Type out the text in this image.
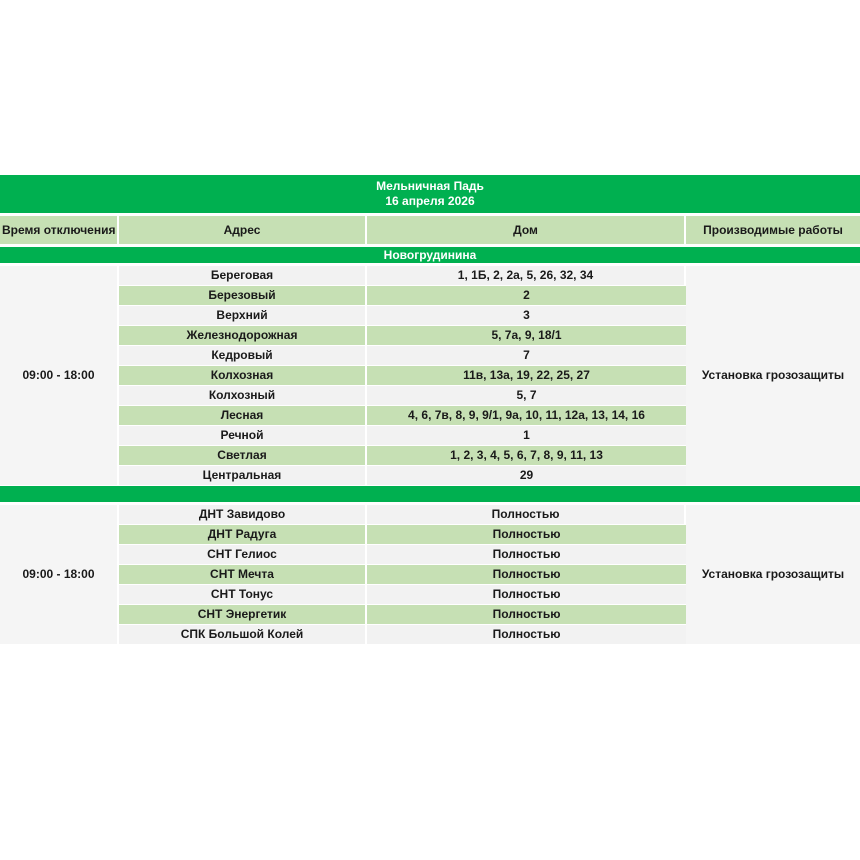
Мельничная Падь
16 апреля 2026			

Время отключения	Адрес	Дом	Производимые работы
Новогрудинина			
09:00 - 18:00	Береговая	1, 1Б, 2, 2а, 5, 26, 32, 34	Установка грозозащиты
	Березовый	2	
	Верхний	3	
	Железнодорожная	5, 7а, 9, 18/1	
	Кедровый	7	
	Колхозная	11в, 13а, 19, 22, 25, 27	
	Колхозный	5, 7	
	Лесная	4, 6, 7в, 8, 9, 9/1, 9а, 10, 11, 12а, 13, 14, 16	
	Речной	1	
	Светлая	1, 2, 3, 4, 5, 6, 7, 8, 9, 11, 13	
	Центральная	29	

09:00 - 18:00	ДНТ Завидово	Полностью	Установка грозозащиты
	ДНТ Радуга	Полностью	
	СНТ Гелиос	Полностью	
	СНТ Мечта	Полностью	
	СНТ Тонус	Полностью	
	СНТ Энергетик	Полностью	
	СПК Большой Колей	Полностью	
